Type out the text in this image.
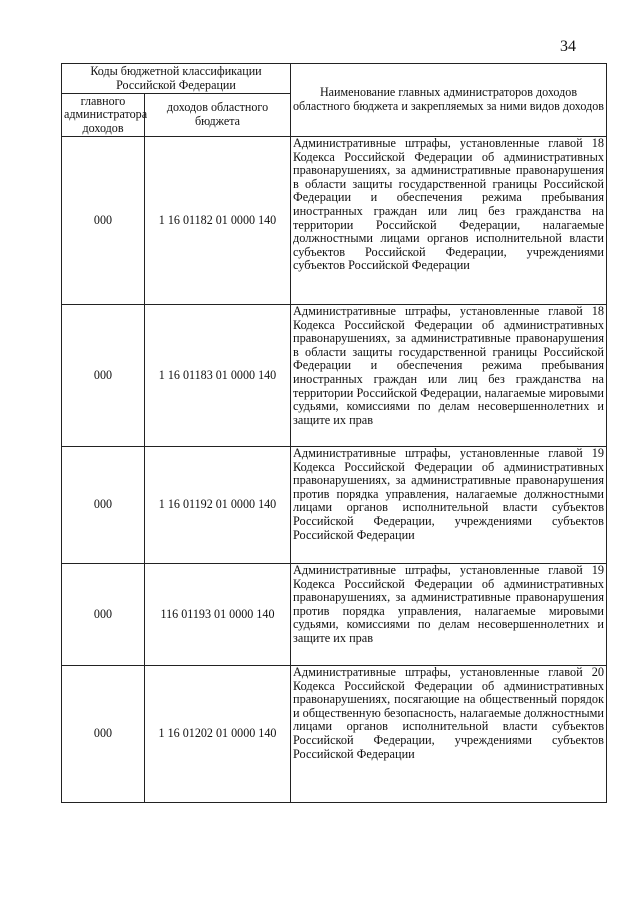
34
Коды бюджетной классификации Российской Федерации		Наименование главных администраторов доходов областного бюджета и закрепляемых за ними видов доходов
главного администратора доходов	доходов областного бюджета	
000	1 16 01182 01 0000 140	Административные штрафы, установленные главой 18 Кодекса Российской Федерации об административных правонарушениях, за административные правонарушения в области защиты государственной границы Российской Федерации и обеспечения режима пребывания иностранных граждан или лиц без гражданства на территории Российской Федерации, налагаемые должностными лицами органов исполнительной власти субъектов Российской Федерации, учреждениями субъектов Российской Федерации
000	1 16 01183 01 0000 140	Административные штрафы, установленные главой 18 Кодекса Российской Федерации об административных правонарушениях, за административные правонарушения в области защиты государственной границы Российской Федерации и обеспечения режима пребывания иностранных граждан или лиц без гражданства на территории Российской Федерации, налагаемые мировыми судьями, комиссиями по делам несовершеннолетних и защите их прав
000	1 16 01192 01 0000 140	Административные штрафы, установленные главой 19 Кодекса Российской Федерации об административных правонарушениях, за административные правонарушения против порядка управления, налагаемые должностными лицами органов исполнительной власти субъектов Российской Федерации, учреждениями субъектов Российской Федерации
000	116 01193 01 0000 140	Административные штрафы, установленные главой 19 Кодекса Российской Федерации об административных правонарушениях, за административные правонарушения против порядка управления, налагаемые мировыми судьями, комиссиями по делам несовершеннолетних и защите их прав
000	1 16 01202 01 0000 140	Административные штрафы, установленные главой 20 Кодекса Российской Федерации об административных правонарушениях, посягающие на общественный порядок и общественную безопасность, налагаемые должностными лицами органов исполнительной власти субъектов Российской Федерации, учреждениями субъектов Российской Федерации
